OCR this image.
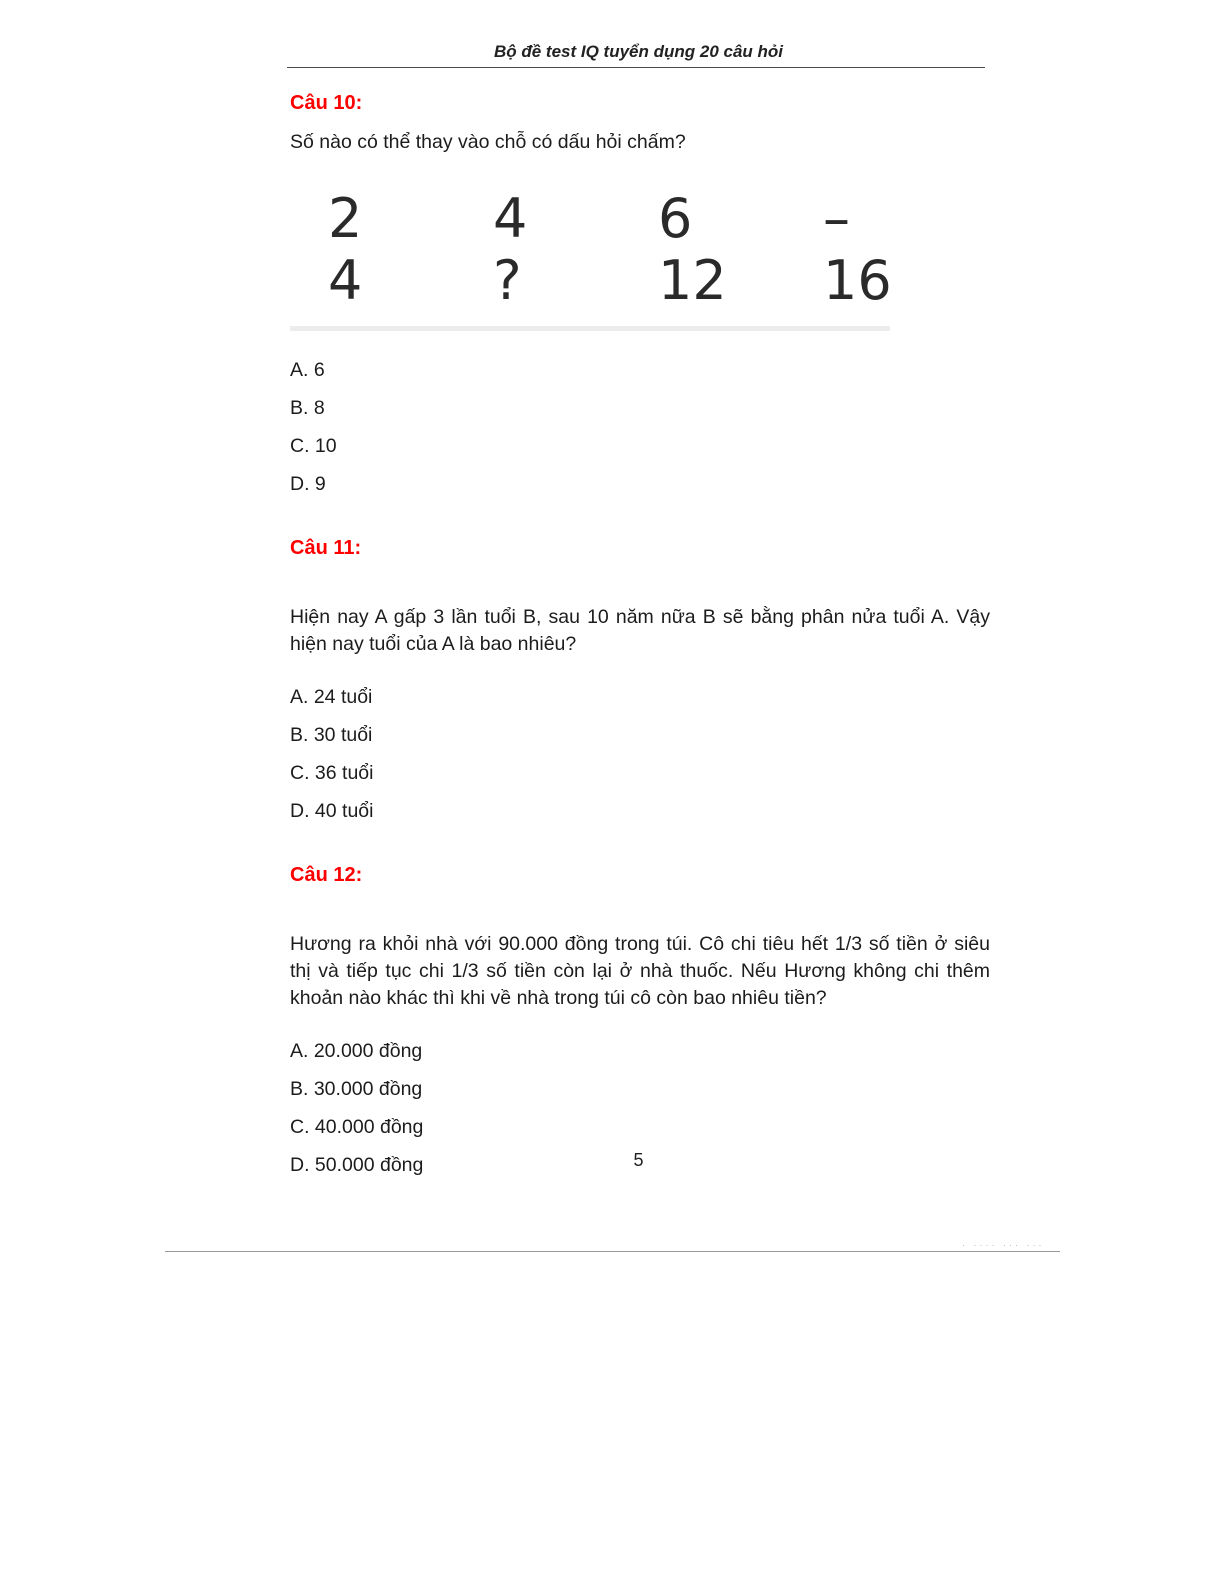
Bộ đề test IQ tuyển dụng 20 câu hỏi
Câu 10:
Số nào có thể thay vào chỗ có dấu hỏi chấm?
2	4	6	–
4	?	12	16
A. 6
B. 8
C. 10
D. 9
Câu 11:
Hiện nay A gấp 3 lần tuổi B, sau 10 năm nữa B sẽ bằng phân nửa tuổi A. Vậy hiện nay tuổi của A là bao nhiêu?
A. 24 tuổi
B. 30 tuổi
C. 36 tuổi
D. 40 tuổi
Câu 12:
Hương ra khỏi nhà với 90.000 đồng trong túi. Cô chi tiêu hết 1/3 số tiền ở siêu thị và tiếp tục chi 1/3 số tiền còn lại ở nhà thuốc. Nếu Hương không chi thêm khoản nào khác thì khi về nhà trong túi cô còn bao nhiêu tiền?
A. 20.000 đồng
B. 30.000 đồng
C. 40.000 đồng
D. 50.000 đồng	5
· ···· ··· ···
